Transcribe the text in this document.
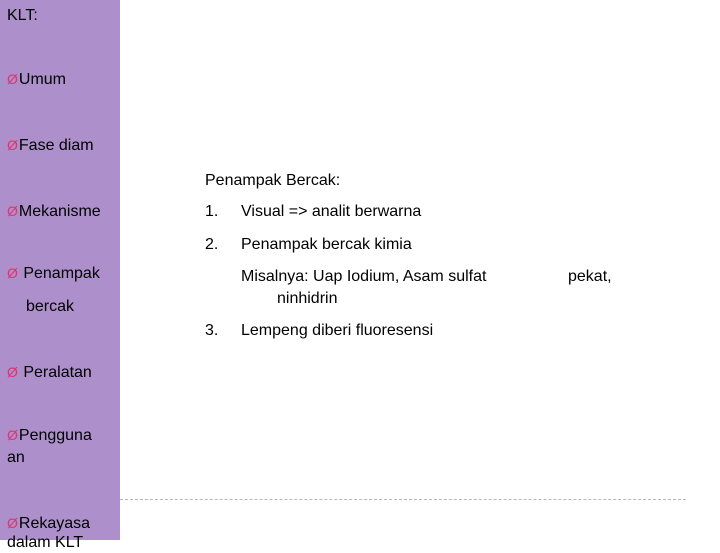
KLT:
ØUmum
ØFase diam
ØMekanisme
Ø Penampak
bercak
Ø Peralatan
ØPengguna
an
ØRekayasa
dalam KLT
Penampak Bercak:
1. Visual => analit berwarna
2. Penampak bercak kimia
Misalnya: Uap Iodium, Asam sulfat	pekat,
ninhidrin
3. Lempeng diberi fluoresensi
